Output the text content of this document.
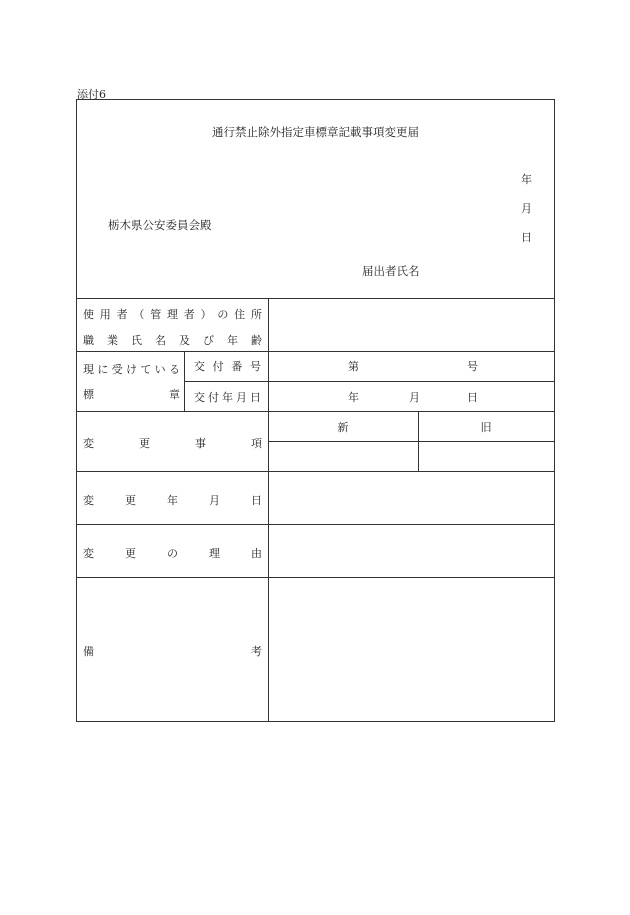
添付6
通行禁止除外指定車標章記載事項変更届
年  月  日
栃木県公安委員会殿
届出者氏名
使 用 者 （ 管 理 者 ） の 住 所
職 業 氏 名 及 び 年 齢
現 に 受 け て い る
標	章
交 付 番 号	第	号
交 付 年 月 日	年	月	日
変	更	事	項
新	旧
変	更	年	月	日
変	更	の	理	由
備	考
